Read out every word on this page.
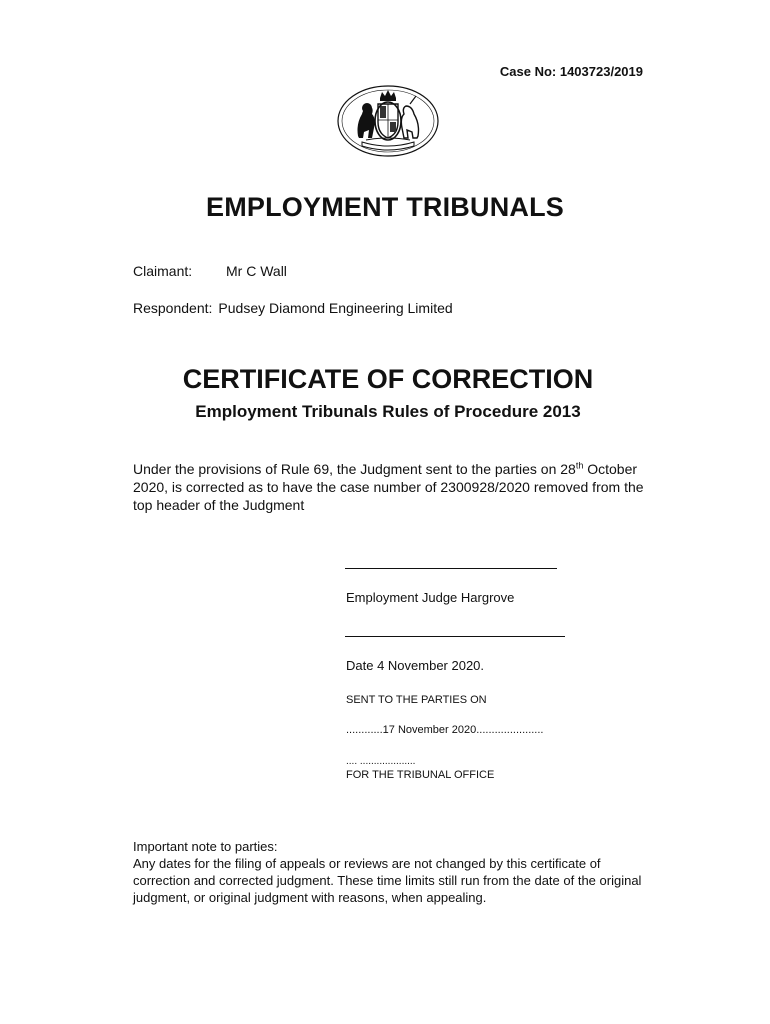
Case No: 1403723/2019
EMPLOYMENT TRIBUNALS
Claimant: Mr C Wall
Respondent: Pudsey Diamond Engineering Limited
CERTIFICATE OF CORRECTION
Employment Tribunals Rules of Procedure 2013
Under the provisions of Rule 69, the Judgment sent to the parties on 28th October 2020, is corrected as to have the case number of 2300928/2020 removed from the top header of the Judgment
Employment Judge Hargrove
Date 4 November 2020.
SENT TO THE PARTIES ON
............17 November 2020......................
.... ....................
FOR THE TRIBUNAL OFFICE
Important note to parties:
Any dates for the filing of appeals or reviews are not changed by this certificate of correction and corrected judgment. These time limits still run from the date of the original judgment, or original judgment with reasons, when appealing.
